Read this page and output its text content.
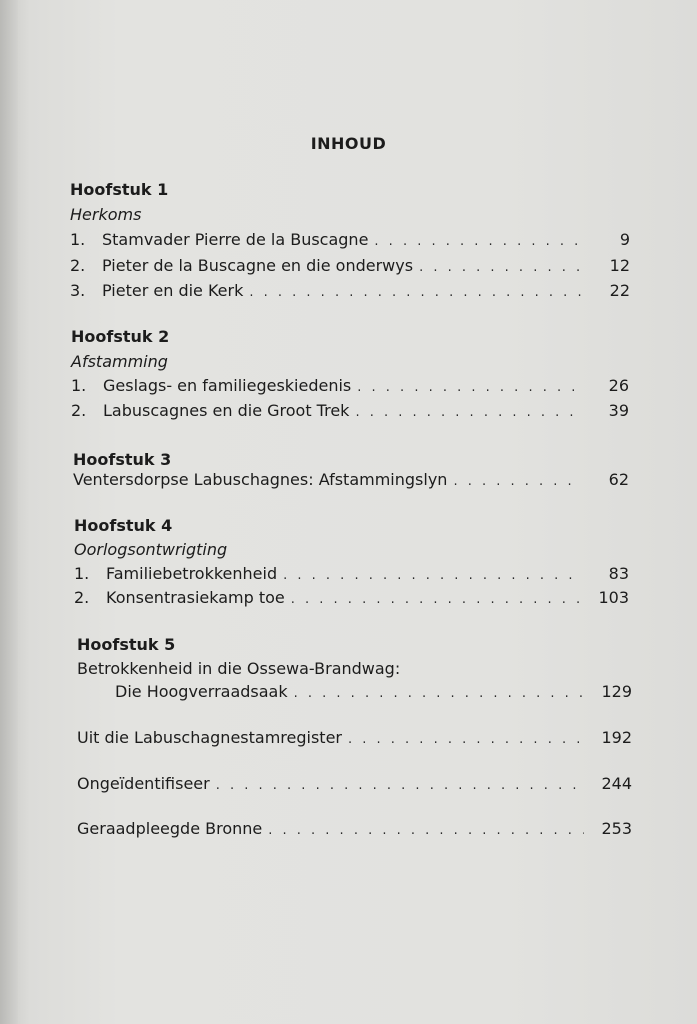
INHOUD
Hoofstuk 1
Herkoms
1.	Stamvader Pierre de la Buscagne . . .	9
2.	Pieter de la Buscagne en die onderwys . . .	12
3.	Pieter en die Kerk . . .	22
Hoofstuk 2
Afstamming
1.	Geslags- en familiegeskiedenis . . .	26
2.	Labuscagnes en die Groot Trek . . .	39
Hoofstuk 3
Ventersdorpse Labuschagnes: Afstammingslyn . . .	62
Hoofstuk 4
Oorlogsontwrigting
1.	Familiebetrokkenheid . . .	83
2.	Konsentrasiekamp toe . . .	103
Hoofstuk 5
Betrokkenheid in die Ossewa-Brandwag:
Die Hoogverraadsaak . . .	129
Uit die Labuschagnestamregister . . .	192
Ongeïdentifiseer . . .	244
Geraadpleegde Bronne . . .	253
